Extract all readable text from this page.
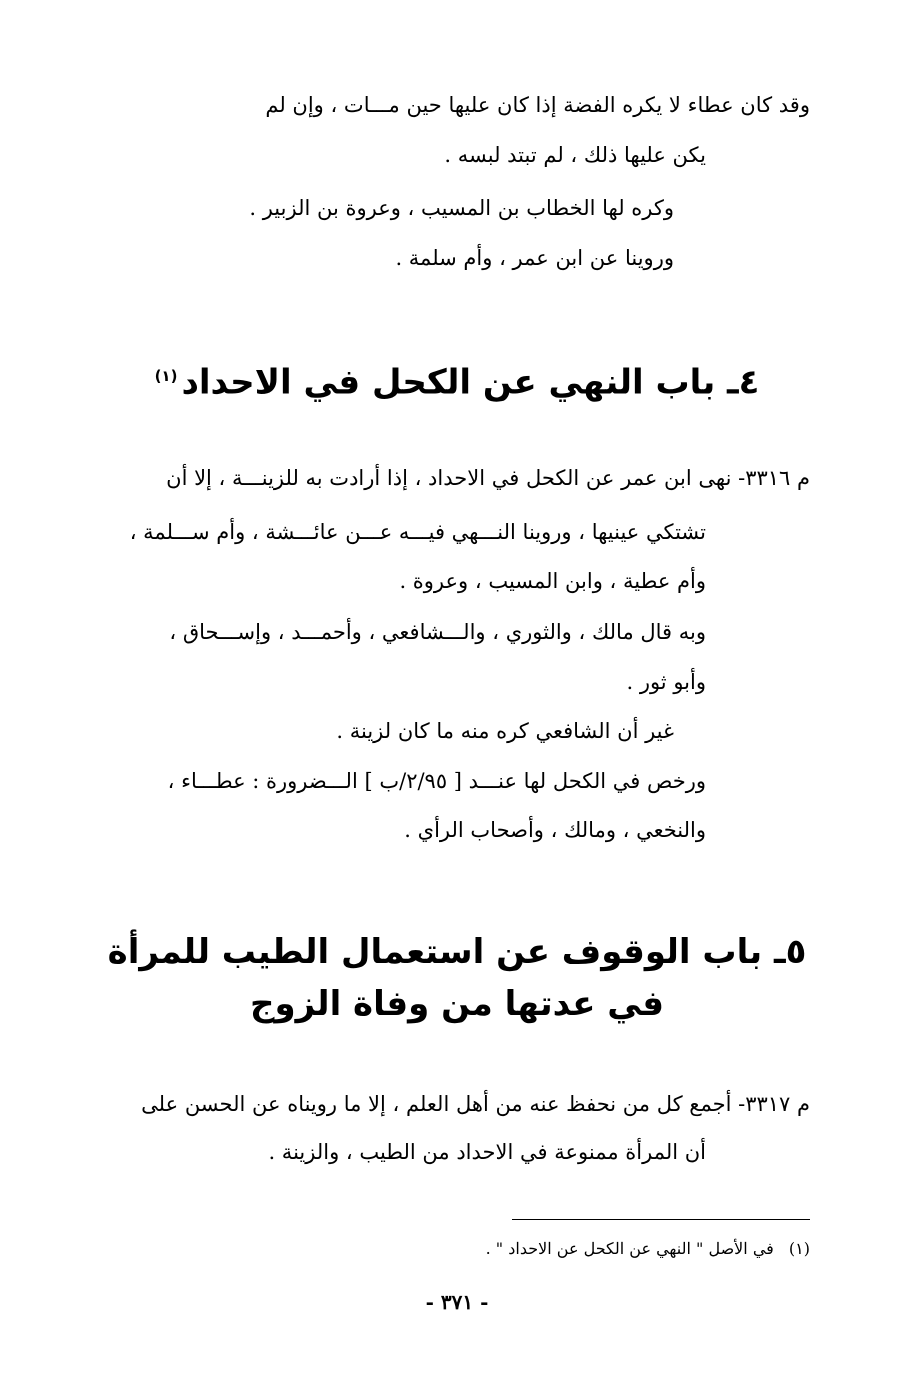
وقد كان عطاء لا يكره الفضة إذا كان عليها حين مـــات ، وإن لم
يكن عليها ذلك ، لم تبتد لبسه .
وكره لها الخطاب بن المسيب ، وعروة بن الزبير .
وروينا عن ابن عمر ، وأم سلمة .
٤ـ باب النهي عن الكحل في الاحداد$^{(١)}$
م ٣٣١٦- نهى ابن عمر عن الكحل في الاحداد ، إذا أرادت به للزينـــة ، إلا أن
تشتكي عينيها ، وروينا النـــهي فيـــه عـــن عائـــشة ، وأم ســـلمة ،
وأم عطية ، وابن المسيب ، وعروة .
وبه قال مالك ، والثوري ، والـــشافعي ، وأحمـــد ، وإســـحاق ،
وأبو ثور .
غير أن الشافعي كره منه ما كان لزينة .
ورخص في الكحل لها عنـــد [ ٢/٩٥/ب ] الـــضرورة : عطـــاء ،
والنخعي ، ومالك ، وأصحاب الرأي .
٥ـ باب الوقوف عن استعمال الطيب للمرأة
في عدتها من وفاة الزوج
م ٣٣١٧- أجمع كل من نحفظ عنه من أهل العلم ، إلا ما رويناه عن الحسن على
أن المرأة ممنوعة في الاحداد من الطيب ، والزينة .
(١) في الأصل " النهي عن الكحل عن الاحداد " .
- ٣٧١ -
